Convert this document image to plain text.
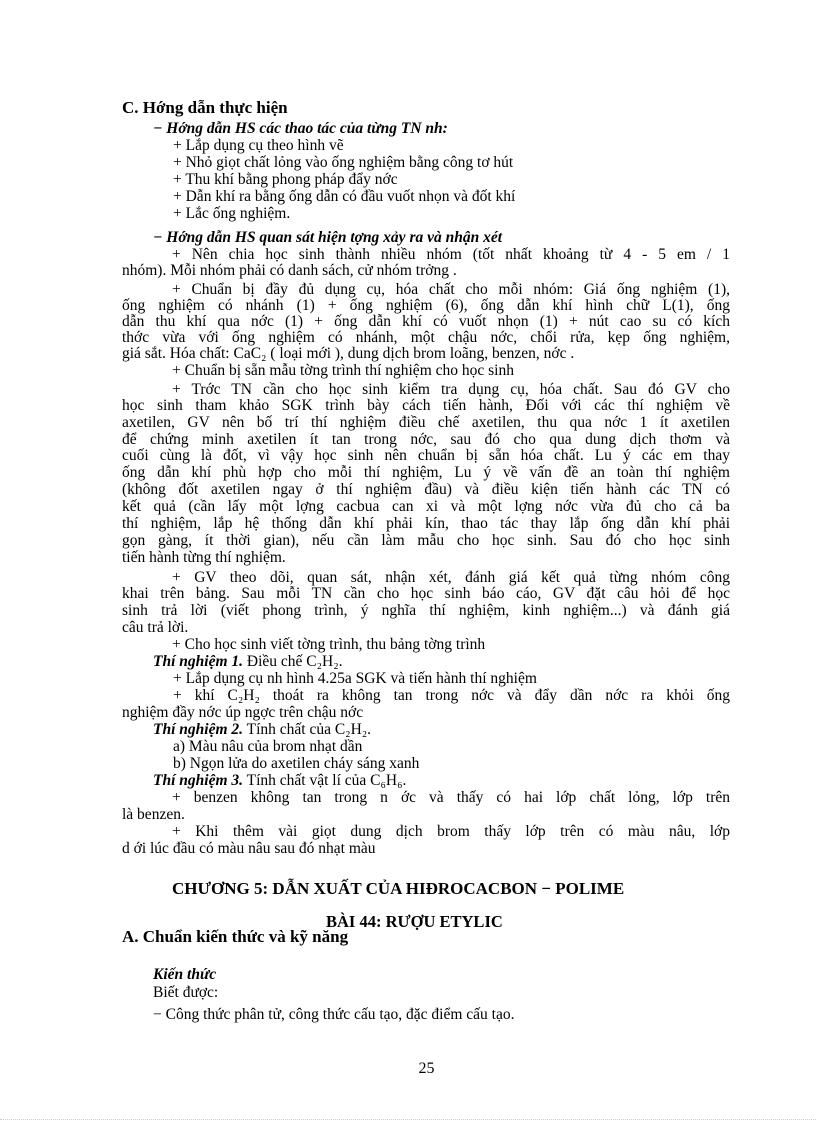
C. Hớng dẫn thực hiện
− Hớng dẫn HS các thao tác của từng TN nh:
+ Lắp dụng cụ theo hình vẽ
+ Nhỏ giọt chất lỏng vào ống nghiệm bằng công tơ hút
+ Thu khí bằng phong pháp đẩy nớc
+ Dẫn khí ra bằng ống dẫn có đầu vuốt nhọn và đốt khí
+ Lắc ống nghiệm.
− Hớng dẫn HS quan sát hiện tợng xảy ra và nhận xét
+ Nên chia học sinh thành nhiều nhóm (tốt nhất khoảng từ 4 - 5 em / 1
nhóm). Mỗi nhóm phải có danh sách, cử nhóm trởng .
+ Chuẩn bị đầy đủ dụng cụ, hóa chất cho mỗi nhóm: Giá ống nghiệm (1),
ống nghiệm có nhánh (1) + ống nghiệm (6), ống dẫn khí hình chữ L(1), ống
dẫn thu khí qua nớc (1) + ống dẫn khí có vuốt nhọn (1) + nút cao su có kích
thớc vừa với ống nghiệm có nhánh, một chậu nớc, chổi rửa, kẹp ống nghiệm,
giá sắt. Hóa chất: CaC₂ ( loại mới ), dung dịch brom loãng, benzen, nớc .
+ Chuẩn bị sẵn mẫu tờng trình thí nghiệm cho học sinh
+ Trớc TN cần cho học sinh kiểm tra dụng cụ, hóa chất. Sau đó GV cho
học sinh tham khảo SGK trình bày cách tiến hành, Đối với các thí nghiệm về
axetilen, GV nên bố trí thí nghiệm điều chế axetilen, thu qua nớc 1 ít axetilen
để chứng minh axetilen ít tan trong nớc, sau đó cho qua dung dịch thơm và
cuối cùng là đốt, vì vậy học sinh nên chuẩn bị sẵn hóa chất. Lu ý các em thay
ống dẫn khí phù hợp cho mỗi thí nghiệm, Lu ý về vấn đề an toàn thí nghiệm
(không đốt axetilen ngay ở thí nghiệm đầu) và điều kiện tiến hành các TN có
kết quả (cần lấy một lợng cacbua can xi và một lợng nớc vừa đủ cho cả ba
thí nghiệm, lắp hệ thống dẫn khí phải kín, thao tác thay lắp ống dẫn khí phải
gọn gàng, ít thời gian), nếu cần làm mẫu cho học sinh. Sau đó cho học sinh
tiến hành từng thí nghiệm.
+ GV theo dõi, quan sát, nhận xét, đánh giá kết quả từng nhóm công
khai trên bảng. Sau mỗi TN cần cho học sinh báo cáo, GV đặt câu hỏi để học
sinh trả lời (viết phong trình, ý nghĩa thí nghiệm, kinh nghiệm...) và đánh giá
câu trả lời.
+ Cho học sinh viết tờng trình, thu bảng tờng trình
Thí nghiệm 1. Điều chế C₂H₂.
+ Lắp dụng cụ nh hình 4.25a SGK và tiến hành thí nghiệm
+ khí C₂H₂ thoát ra không tan trong nớc và đẩy dần nớc ra khỏi ống
nghiệm đầy nớc úp ngợc trên chậu nớc
Thí nghiệm 2. Tính chất của C₂H₂.
a) Màu nâu của brom nhạt dần
b) Ngọn lửa do axetilen cháy sáng xanh
Thí nghiệm 3. Tính chất vật lí của C₆H₆.
+ benzen không tan trong n ớc và thấy có hai lớp chất lỏng, lớp trên
là benzen.
+ Khi thêm vài giọt dung dịch brom thấy lớp trên có màu nâu, lớp
d ới lúc đầu có màu nâu sau đó nhạt màu
CHƯƠNG 5: DẪN XUẤT CỦA HIĐROCACBON − POLIME
BÀI 44: RƯỢU ETYLIC
A. Chuẩn kiến thức và kỹ năng
Kiến thức
Biết được:
− Công thức phân tử, công thức cấu tạo, đặc điểm cấu tạo.
25
